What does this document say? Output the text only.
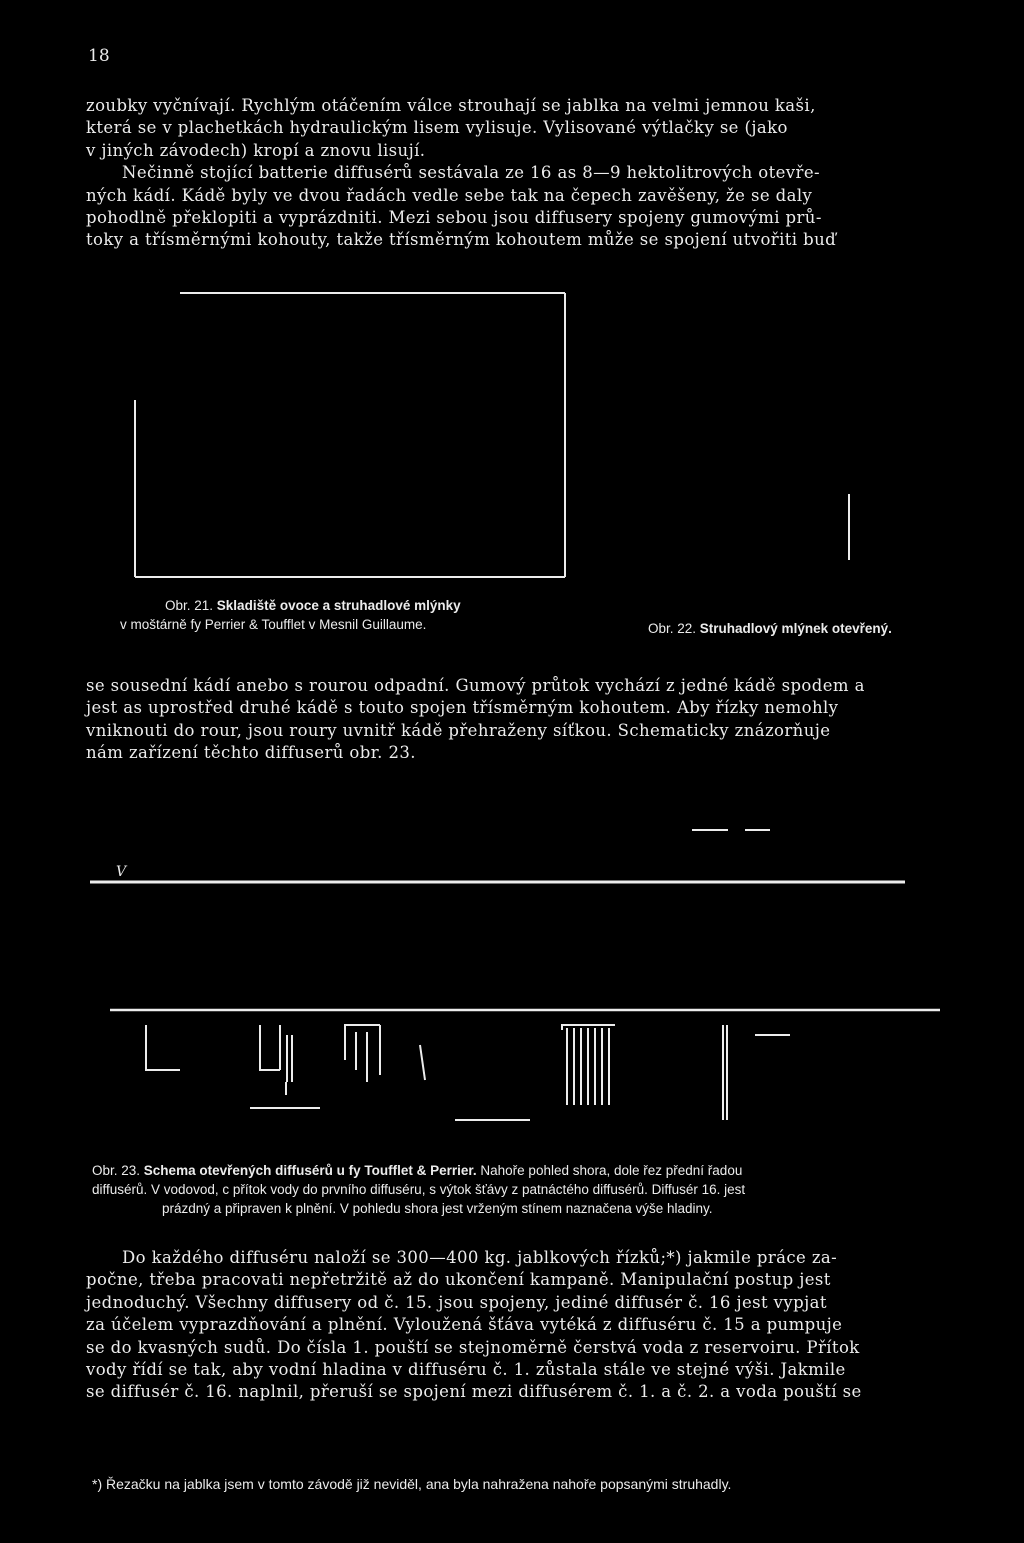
18

zoubky vyčnívají. Rychlým otáčením válce strouhají se jablka na velmi jemnou kaši,
která se v plachetkách hydraulickým lisem vylisuje. Vylisované výtlačky se (jako
v jiných závodech) kropí a znovu lisují.
Nečinně stojící batterie diffusérů sestávala ze 16 as 8—9 hektolitrových otevře-
ných kádí. Kádě byly ve dvou řadách vedle sebe tak na čepech zavěšeny, že se daly
pohodlně překlopiti a vyprázdniti. Mezi sebou jsou diffusery spojeny gumovými prů-
toky a třísměrnými kohouty, takže třísměrným kohoutem může se spojení utvořiti buď

Obr. 21. Skladiště ovoce a struhadlové mlýnky
v moštárně fy Perrier & Toufflet v Mesnil Guillaume.	Obr. 22. Struhadlový mlýnek otevřený.

se sousední kádí anebo s rourou odpadní. Gumový průtok vychází z jedné kádě spodem a
jest as uprostřed druhé kádě s touto spojen třísměrným kohoutem. Aby řízky nemohly
vniknouti do rour, jsou roury uvnitř kádě přehraženy síťkou. Schematicky znázorňuje
nám zařízení těchto diffuserů obr. 23.

V
Obr. 23. Schema otevřených diffusérů u fy Toufflet & Perrier. Nahoře pohled shora, dole řez přední řadou
diffusérů. V vodovod, c přítok vody do prvního diffuséru, s výtok šťávy z patnáctého diffusérů. Diffusér 16. jest
prázdný a připraven k plnění. V pohledu shora jest vrženým stínem naznačena výše hladiny.

Do každého diffuséru naloží se 300—400 kg. jablkových řízků;*) jakmile práce za-
počne, třeba pracovati nepřetržitě až do ukončení kampaně. Manipulační postup jest
jednoduchý. Všechny diffusery od č. 15. jsou spojeny, jediné diffusér č. 16 jest vypjat
za účelem vyprazdňování a plnění. Vyloužená šťáva vytéká z diffuséru č. 15 a pumpuje
se do kvasných sudů. Do čísla 1. pouští se stejnoměrně čerstvá voda z reservoiru. Přítok
vody řídí se tak, aby vodní hladina v diffuséru č. 1. zůstala stále ve stejné výši. Jakmile
se diffusér č. 16. naplnil, přeruší se spojení mezi diffusérem č. 1. a č. 2. a voda pouští se

*) Řezačku na jablka jsem v tomto závodě již neviděl, ana byla nahražena nahoře popsanými struhadly.
